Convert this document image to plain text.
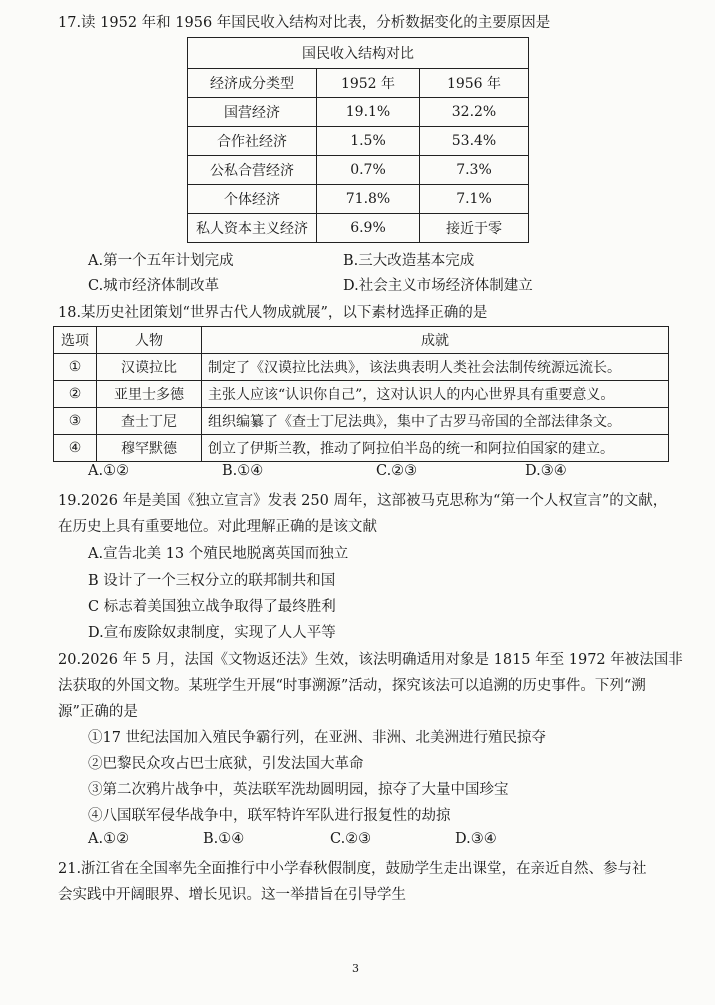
17.读 1952 年和 1956 年国民收入结构对比表，分析数据变化的主要原因是
国民收入结构对比		
经济成分类型	1952 年	1956 年
国营经济	19.1%	32.2%
合作社经济	1.5%	53.4%
公私合营经济	0.7%	7.3%
个体经济	71.8%	7.1%
私人资本主义经济	6.9%	接近于零
A.第一个五年计划完成	B.三大改造基本完成
C.城市经济体制改革	D.社会主义市场经济体制建立
18.某历史社团策划“世界古代人物成就展”，以下素材选择正确的是
选项	人物	成就
①	汉谟拉比	制定了《汉谟拉比法典》，该法典表明人类社会法制传统源远流长。
②	亚里士多德	主张人应该“认识你自己”，这对认识人的内心世界具有重要意义。
③	查士丁尼	组织编纂了《查士丁尼法典》，集中了古罗马帝国的全部法律条文。
④	穆罕默德	创立了伊斯兰教，推动了阿拉伯半岛的统一和阿拉伯国家的建立。
A.①②	B.①④	C.②③	D.③④
19.2026 年是美国《独立宣言》发表 250 周年，这部被马克思称为“第一个人权宣言”的文献，
在历史上具有重要地位。对此理解正确的是该文献
A.宣告北美 13 个殖民地脱离英国而独立
B 设计了一个三权分立的联邦制共和国
C 标志着美国独立战争取得了最终胜利
D.宣布废除奴隶制度，实现了人人平等
20.2026 年 5 月，法国《文物返还法》生效，该法明确适用对象是 1815 年至 1972 年被法国非
法获取的外国文物。某班学生开展“时事溯源”活动，探究该法可以追溯的历史事件。下列“溯
源”正确的是
①17 世纪法国加入殖民争霸行列，在亚洲、非洲、北美洲进行殖民掠夺
②巴黎民众攻占巴士底狱，引发法国大革命
③第二次鸦片战争中，英法联军洗劫圆明园，掠夺了大量中国珍宝
④八国联军侵华战争中，联军特许军队进行报复性的劫掠
A.①②	B.①④	C.②③	D.③④
21.浙江省在全国率先全面推行中小学春秋假制度，鼓励学生走出课堂，在亲近自然、参与社
会实践中开阔眼界、增长见识。这一举措旨在引导学生
3
